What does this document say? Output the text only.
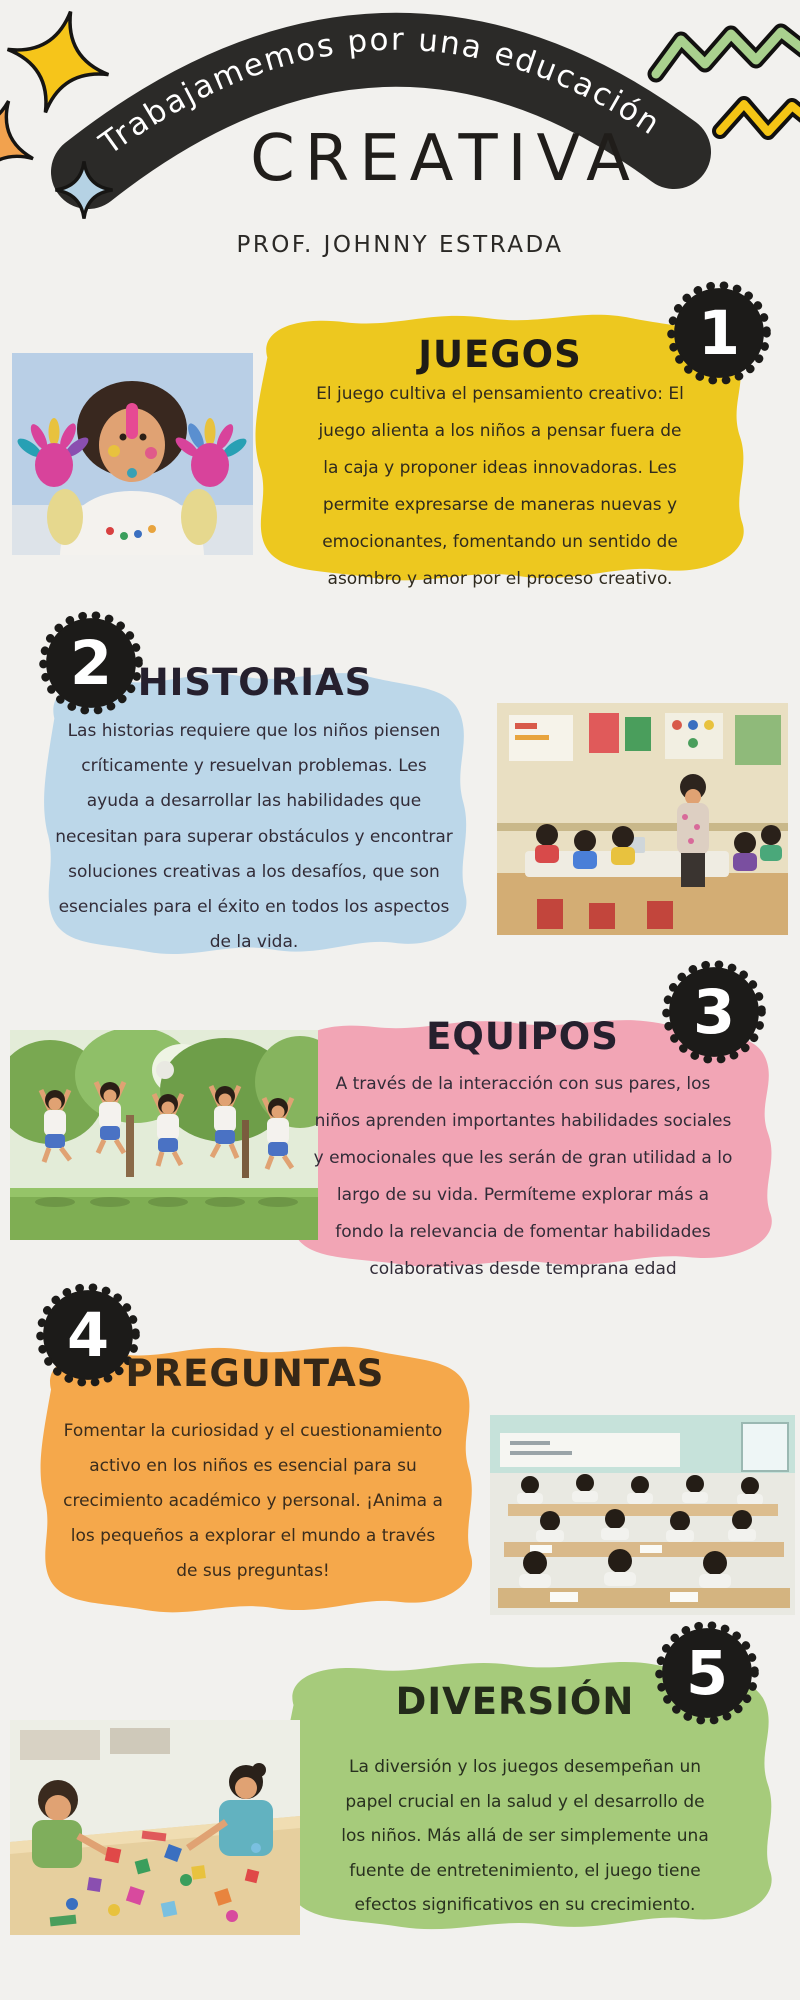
Trabajamemos por una educación
1
2
3
4
5
CREATIVA
PROF. JOHNNY ESTRADA
JUEGOS
HISTORIAS
EQUIPOS
PREGUNTAS
DIVERSIÓN
El juego cultiva el pensamiento creativo: El
juego alienta a los niños a pensar fuera de
la caja y proponer ideas innovadoras. Les
permite expresarse de maneras nuevas y
emocionantes, fomentando un sentido de
asombro y amor por el proceso creativo.
Las historias requiere que los niños piensen
críticamente y resuelvan problemas. Les
ayuda a desarrollar las habilidades que
necesitan para superar obstáculos y encontrar
soluciones creativas a los desafíos, que son
esenciales para el éxito en todos los aspectos
de la vida.
A través de la interacción con sus pares, los
niños aprenden importantes habilidades sociales
y emocionales que les serán de gran utilidad a lo
largo de su vida. Permíteme explorar más a
fondo la relevancia de fomentar habilidades
colaborativas desde temprana edad
Fomentar la curiosidad y el cuestionamiento
activo en los niños es esencial para su
crecimiento académico y personal. ¡Anima a
los pequeños a explorar el mundo a través
de sus preguntas!
La diversión y los juegos desempeñan un
papel crucial en la salud y el desarrollo de
los niños. Más allá de ser simplemente una
fuente de entretenimiento, el juego tiene
efectos significativos en su crecimiento.
